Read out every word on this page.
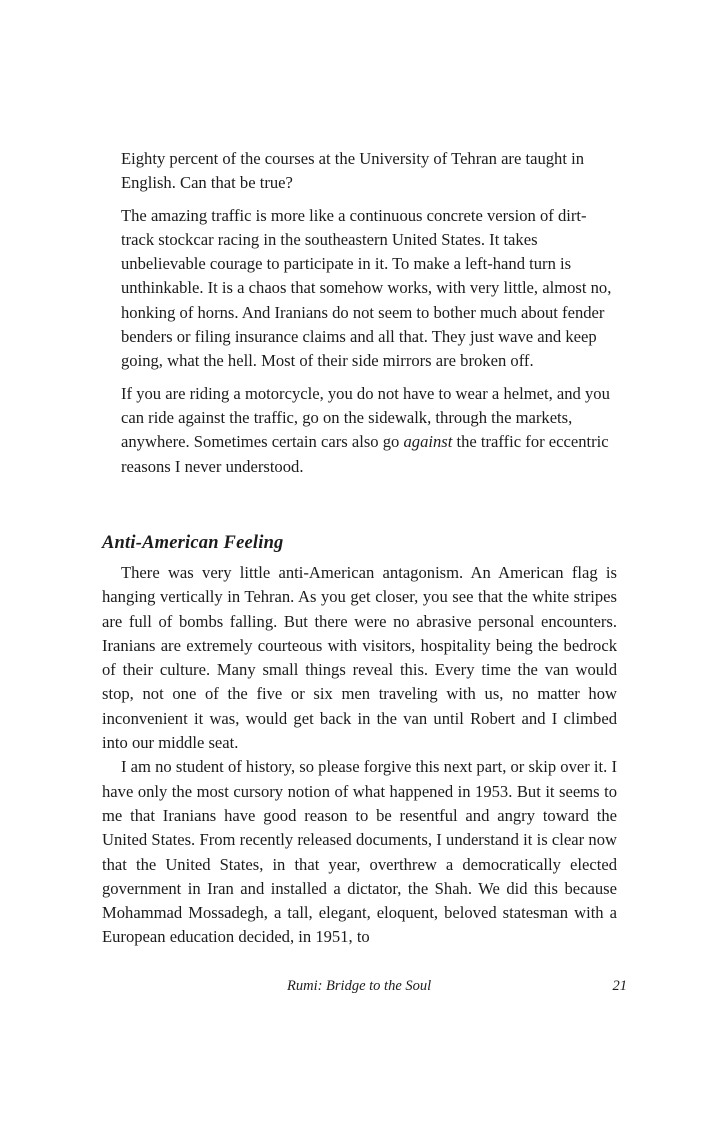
Eighty percent of the courses at the University of Tehran are taught in English. Can that be true?

The amazing traffic is more like a continuous concrete version of dirt-track stockcar racing in the southeastern United States. It takes unbelievable courage to participate in it. To make a left-hand turn is unthinkable. It is a chaos that somehow works, with very little, almost no, honking of horns. And Iranians do not seem to bother much about fender benders or filing insurance claims and all that. They just wave and keep going, what the hell. Most of their side mirrors are broken off.

If you are riding a motorcycle, you do not have to wear a helmet, and you can ride against the traffic, go on the sidewalk, through the markets, anywhere. Sometimes certain cars also go against the traffic for eccentric reasons I never understood.

Anti-American Feeling

There was very little anti-American antagonism. An American flag is hanging vertically in Tehran. As you get closer, you see that the white stripes are full of bombs falling. But there were no abrasive personal encounters. Iranians are extremely courteous with visitors, hospitality being the bedrock of their culture. Many small things reveal this. Every time the van would stop, not one of the five or six men traveling with us, no matter how inconvenient it was, would get back in the van until Robert and I climbed into our middle seat.

I am no student of history, so please forgive this next part, or skip over it. I have only the most cursory notion of what happened in 1953. But it seems to me that Iranians have good reason to be resentful and angry toward the United States. From recently released documents, I understand it is clear now that the United States, in that year, overthrew a democratically elected government in Iran and installed a dictator, the Shah. We did this because Mohammad Mossadegh, a tall, elegant, eloquent, beloved statesman with a European education decided, in 1951, to

Rumi: Bridge to the Soul	21
